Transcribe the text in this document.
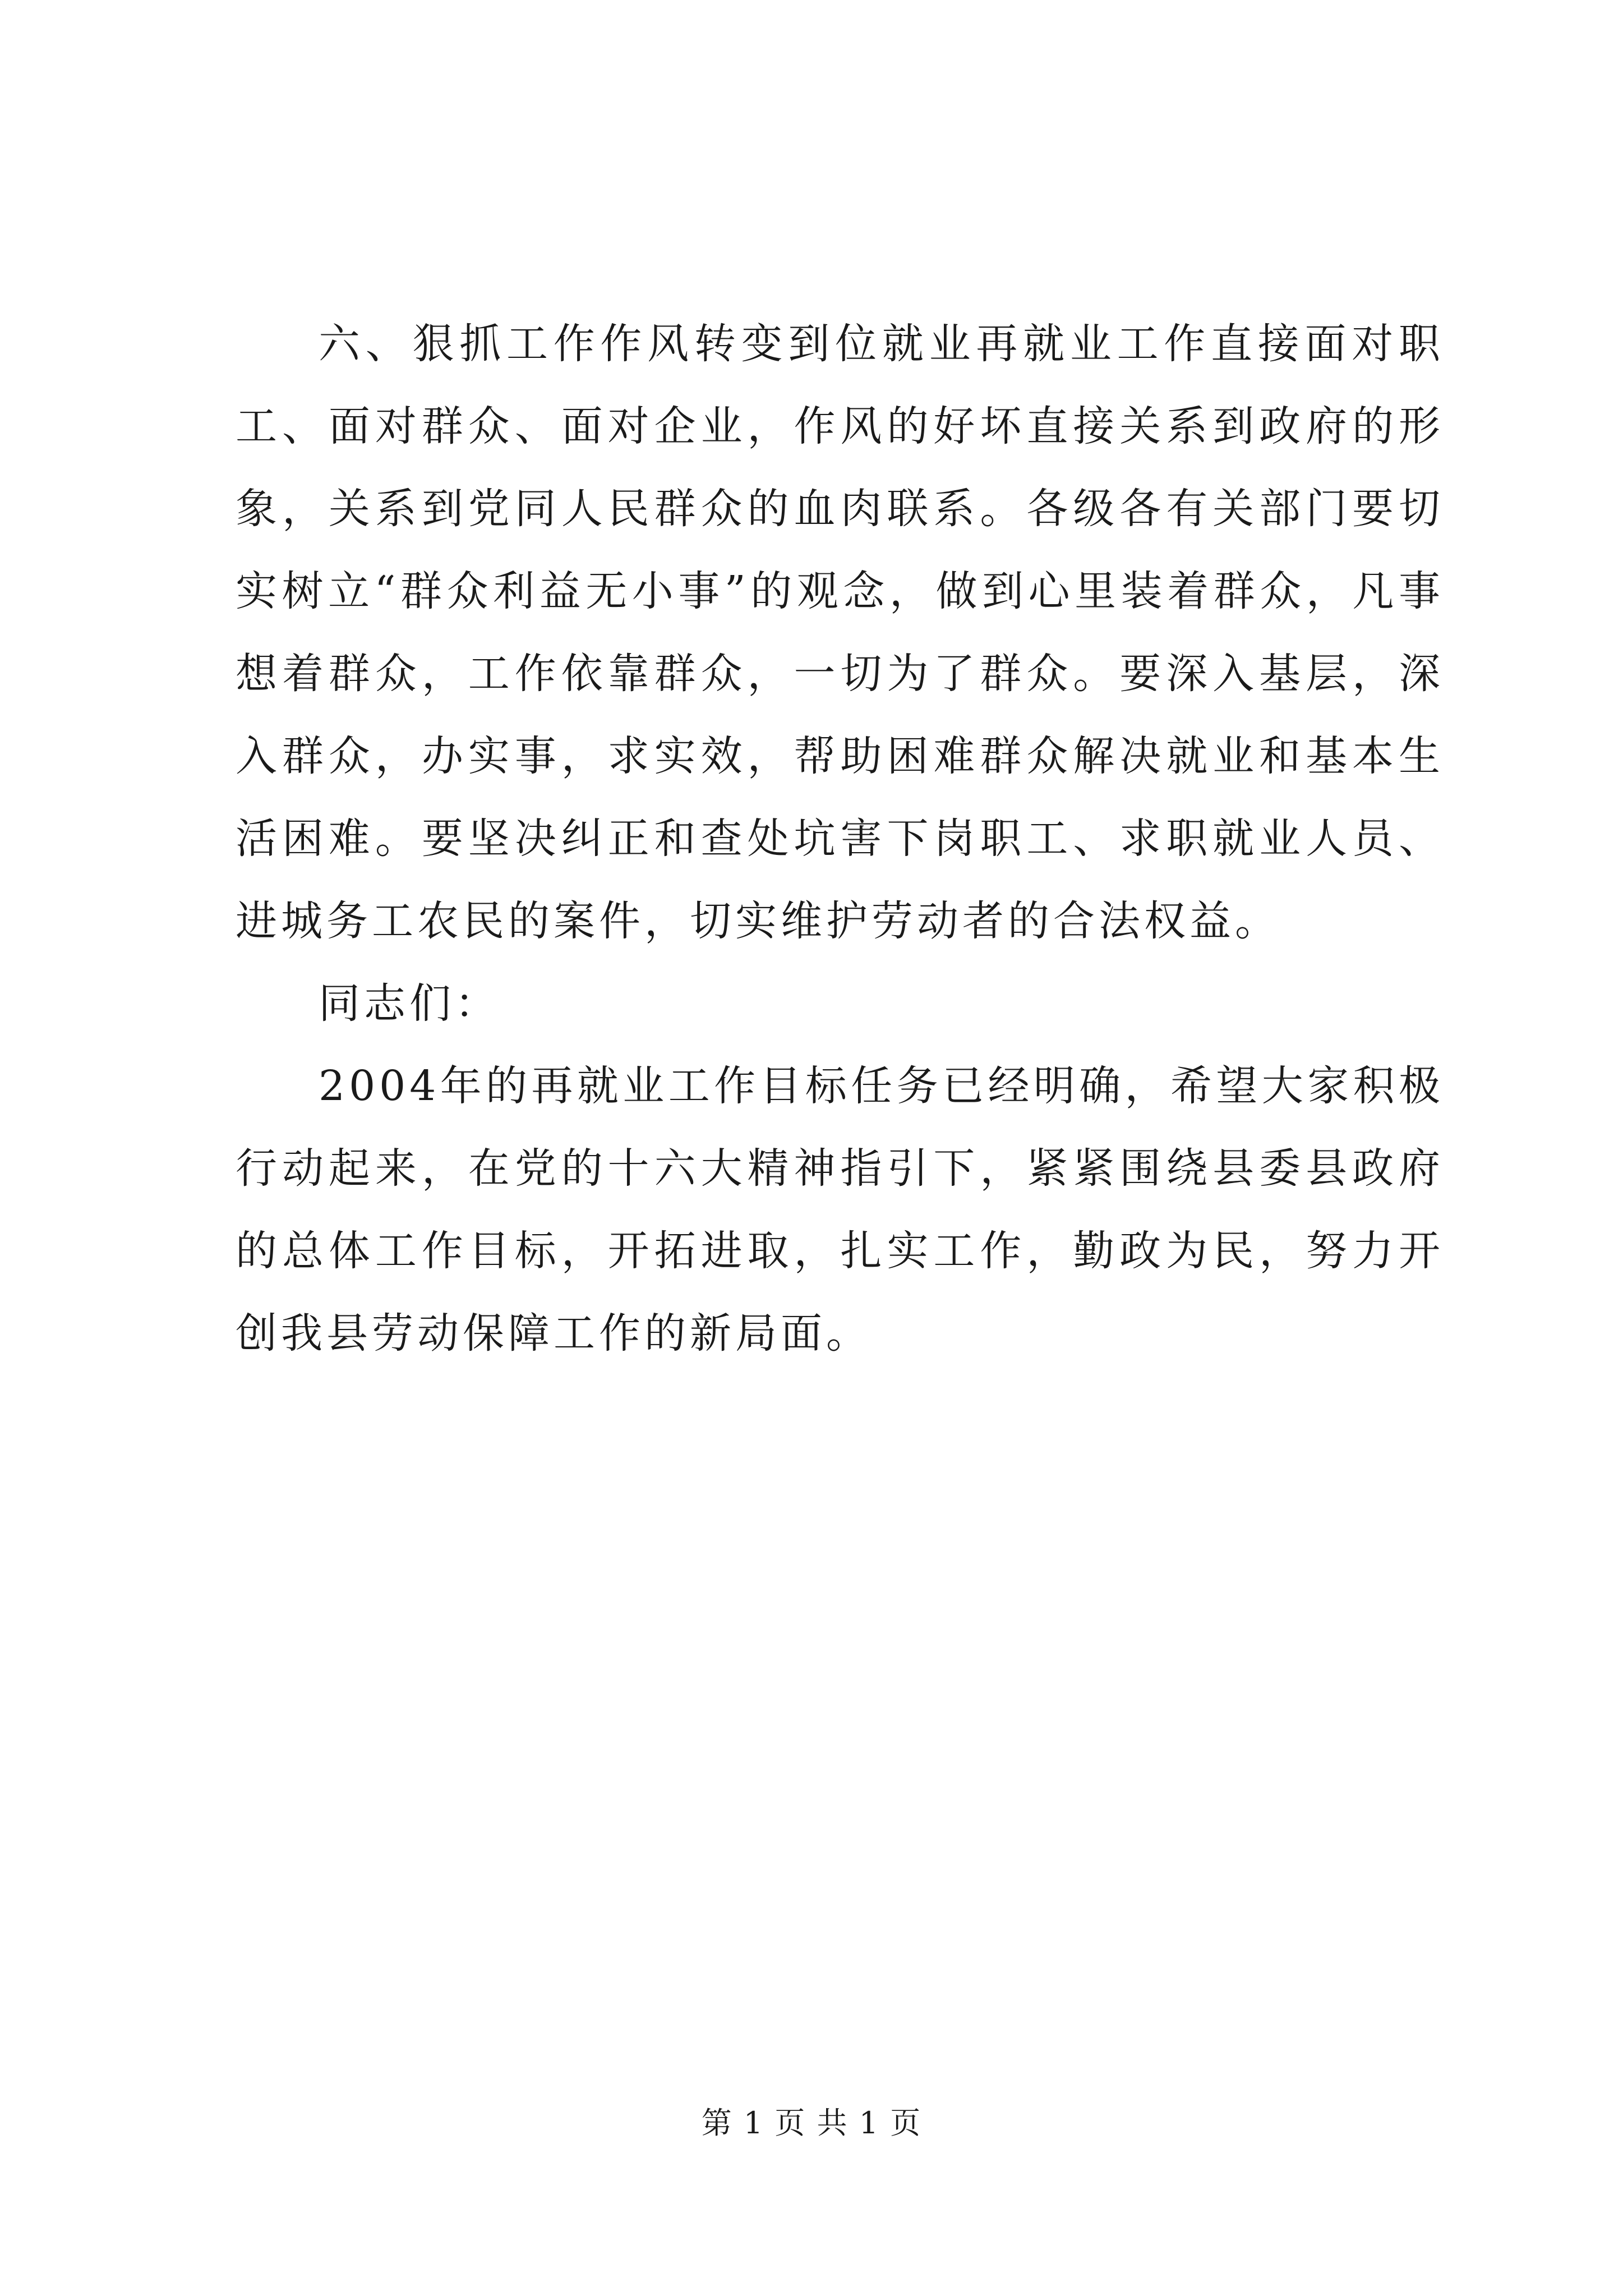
六、狠抓工作作风转变到位就业再就业工作直接面对职工、面对群众、面对企业，作风的好坏直接关系到政府的形象，关系到党同人民群众的血肉联系。各级各有关部门要切实树立“群众利益无小事”的观念，做到心里装着群众，凡事想着群众，工作依靠群众，一切为了群众。要深入基层，深入群众，办实事，求实效，帮助困难群众解决就业和基本生活困难。要坚决纠正和查处坑害下岗职工、求职就业人员、进城务工农民的案件，切实维护劳动者的合法权益。

同志们：

2004年的再就业工作目标任务已经明确，希望大家积极行动起来，在党的十六大精神指引下，紧紧围绕县委县政府的总体工作目标，开拓进取，扎实工作，勤政为民，努力开创我县劳动保障工作的新局面。

第 1 页 共 1 页
